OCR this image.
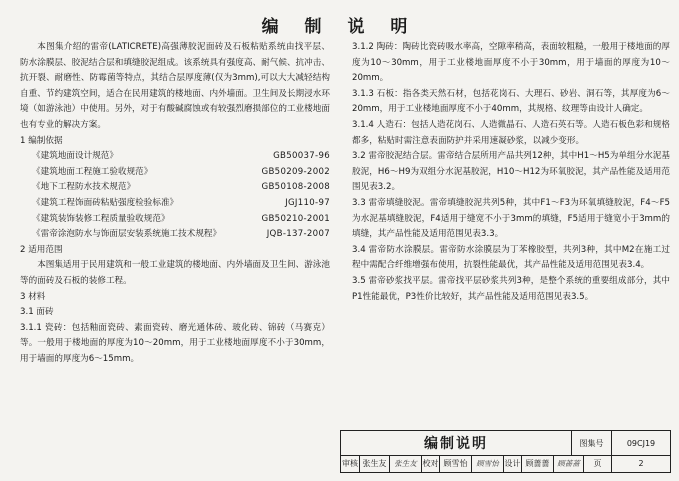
编 制 说 明

本图集介绍的雷帝(LATICRETE)高强薄胶泥面砖及石板粘贴系统由找平层、防水涂膜层、胶泥结合层和填缝胶泥组成。该系统具有强度高、耐气候、抗冲击、抗开裂、耐磨性、防霉菌等特点，其结合层厚度薄(仅为3mm),可以大大减轻结构自重、节约建筑空间，适合在民用建筑的楼地面、内外墙面。卫生间及长期浸水环境（如游泳池）中使用。另外，对于有酸碱腐蚀或有较强烈磨损部位的工业楼地面也有专业的解决方案。

1 编制依据

《建筑地面设计规范》	GB50037-96
《建筑地面工程施工验收规范》	GB50209-2002
《地下工程防水技术规范》	GB50108-2008
《建筑工程饰面砖粘贴强度检验标准》	JGJ110-97
《建筑装饰装修工程质量验收规范》	GB50210-2001
《雷帝涂泡防水与饰面层安装系统施工技术规程》	JQB-137-2007

2 适用范围

本图集适用于民用建筑和一般工业建筑的楼地面、内外墙面及卫生间、游泳池等的面砖及石板的装修工程。

3 材料

3.1 面砖

3.1.1 瓷砖：包括釉面瓷砖、素面瓷砖、磨光通体砖、玻化砖、锦砖（马赛克）等。一般用于楼地面的厚度为10～20mm，用于工业楼地面厚度不小于30mm，用于墙面的厚度为6～15mm。

3.1.2 陶砖：陶砖比瓷砖吸水率高，空隙率稍高，表面较粗糙，一般用于楼地面的厚度为10～30mm，用于工业楼地面厚度不小于30mm，用于墙面的厚度为10～20mm。

3.1.3 石板：指各类天然石材，包括花岗石、大理石、砂岩、洞石等，其厚度为6～20mm，用于工业楼地面厚度不小于40mm，其规格、纹理等由设计人确定。

3.1.4 人造石：包括人造花岗石、人造微晶石、人造石英石等。人造石板色彩和规格都多，粘贴时需注意表面防护并采用速凝砂浆，以减少变形。

3.2 雷帝胶泥结合层。雷帝结合层所用产品共列12种，其中H1～H5为单组分水泥基胶泥，H6～H9为双组分水泥基胶泥，H10～H12为环氧胶泥，其产品性能及适用范围见表3.2。

3.3 雷帝填缝胶泥。雷帝填缝胶泥共列5种，其中F1～F3为环氧填缝胶泥，F4～F5为水泥基填缝胶泥，F4适用于缝宽不小于3mm的填缝，F5适用于缝宽小于3mm的填缝，其产品性能及适用范围见表3.3。

3.4 雷帝防水涂膜层。雷帝防水涂膜层为丁苯橡胶型，共列3种，其中M2在施工过程中需配合纤维增强布使用，抗裂性能最优，其产品性能及适用范围见表3.4。

3.5 雷帝砂浆找平层。雷帝找平层砂浆共列3种，是整个系统的重要组成部分，其中P1性能最优，P3性价比较好，其产品性能及适用范围见表3.5。

编制说明	图集号	09CJ19
审核 张生友 张生友 校对 顾雪怡 顾雪怡 设计 顾蔷蔷 顾蔷蔷 页	2
